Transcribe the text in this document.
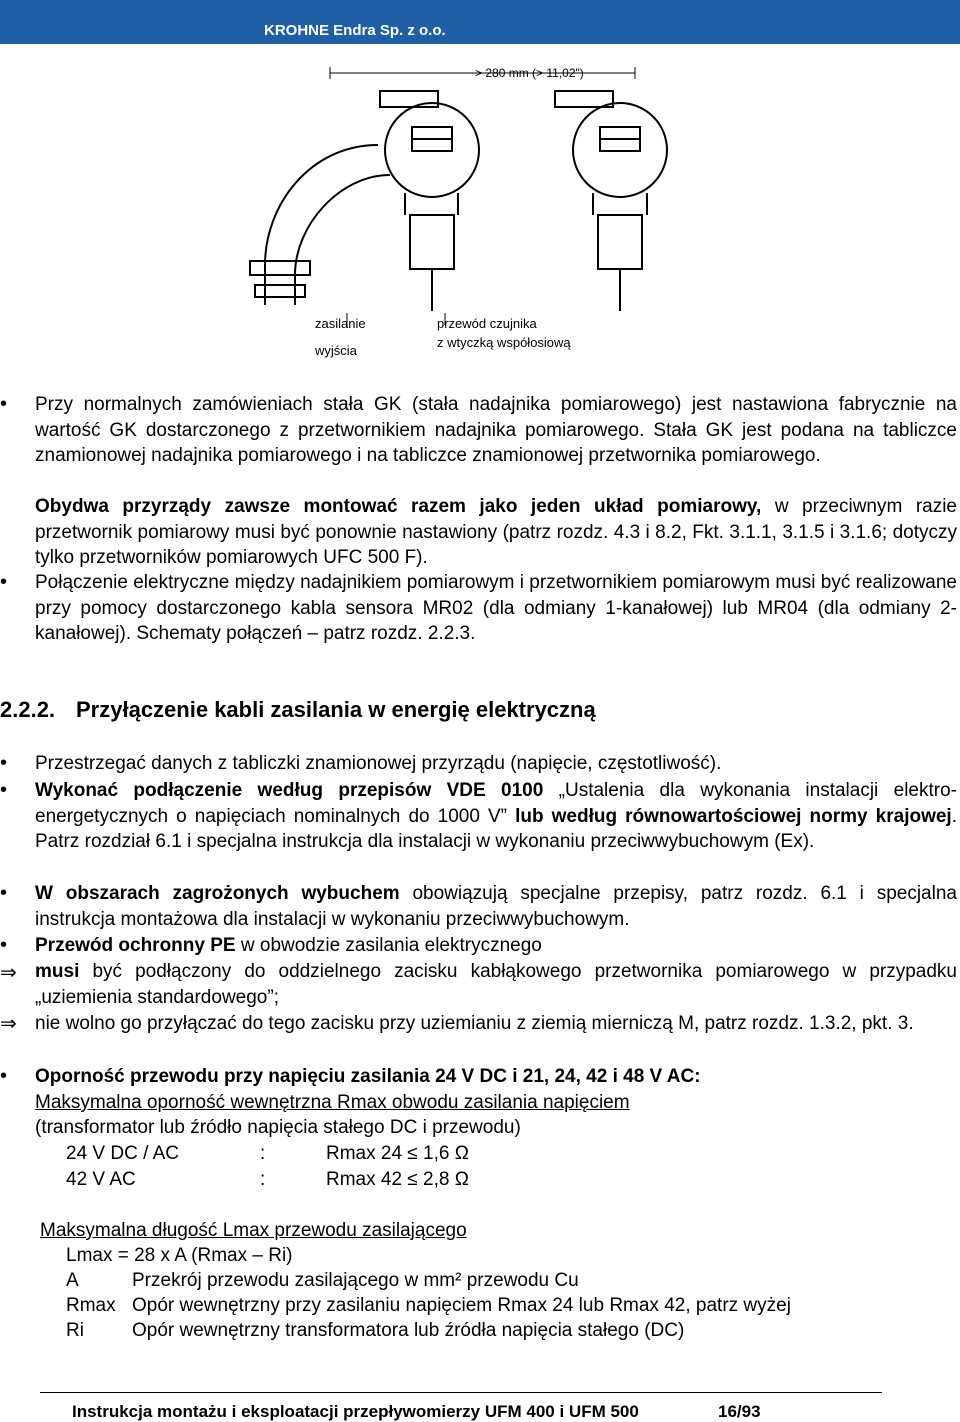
KROHNE Endra Sp. z o.o.
> 280 mm (> 11,02")
zasilanie
wyjścia
przewód czujnika
z wtyczką współosiową
• Przy normalnych zamówieniach stała GK (stała nadajnika pomiarowego) jest nastawiona fabrycznie na wartość GK dostarczonego z przetwornikiem nadajnika pomiarowego. Stała GK jest podana na tabliczce znamionowej nadajnika pomiarowego i na tabliczce znamionowej przetwornika pomiarowego.

Obydwa przyrządy zawsze montować razem jako jeden układ pomiarowy, w przeciwnym razie przetwornik pomiarowy musi być ponownie nastawiony (patrz rozdz. 4.3 i 8.2, Fkt. 3.1.1, 3.1.5 i 3.1.6; dotyczy tylko przetworników pomiarowych UFC 500 F).

• Połączenie elektryczne między nadajnikiem pomiarowym i przetwornikiem pomiarowym musi być realizowane przy pomocy dostarczonego kabla sensora MR02 (dla odmiany 1-kanałowej) lub MR04 (dla odmiany 2-kanałowej). Schematy połączeń – patrz rozdz. 2.2.3.

2.2.2. Przyłączenie kabli zasilania w energię elektryczną
• Przestrzegać danych z tabliczki znamionowej przyrządu (napięcie, częstotliwość).

• Wykonać podłączenie według przepisów VDE 0100 „Ustalenia dla wykonania instalacji elektro-energetycznych o napięciach nominalnych do 1000 V” lub według równowartościowej normy krajowej. Patrz rozdział 6.1 i specjalna instrukcja dla instalacji w wykonaniu przeciwwybuchowym (Ex).

• W obszarach zagrożonych wybuchem obowiązują specjalne przepisy, patrz rozdz. 6.1 i specjalna instrukcja montażowa dla instalacji w wykonaniu przeciwwybuchowym.

• Przewód ochronny PE w obwodzie zasilania elektrycznego

⇒ musi być podłączony do oddzielnego zacisku kabłąkowego przetwornika pomiarowego w przypadku „uziemienia standardowego”;

⇒ nie wolno go przyłączać do tego zacisku przy uziemianiu z ziemią mierniczą M, patrz rozdz. 1.3.2, pkt. 3.

• Oporność przewodu przy napięciu zasilania 24 V DC i 21, 24, 42 i 48 V AC:

Maksymalna oporność wewnętrzna Rmax obwodu zasilania napięciem
(transformator lub źródło napięcia stałego DC i przewodu)
24 V DC / AC	:	Rmax 24 ≤ 1,6 Ω
42 V AC	:	Rmax 42 ≤ 2,8 Ω
Maksymalna długość Lmax przewodu zasilającego
Lmax = 28 x A (Rmax – Ri)
A	Przekrój przewodu zasilającego w mm² przewodu Cu
Rmax Opór wewnętrzny przy zasilaniu napięciem Rmax 24 lub Rmax 42, patrz wyżej
Ri	Opór wewnętrzny transformatora lub źródła napięcia stałego (DC)
Instrukcja montażu i eksploatacji przepływomierzy UFM 400 i UFM 500	16/93
